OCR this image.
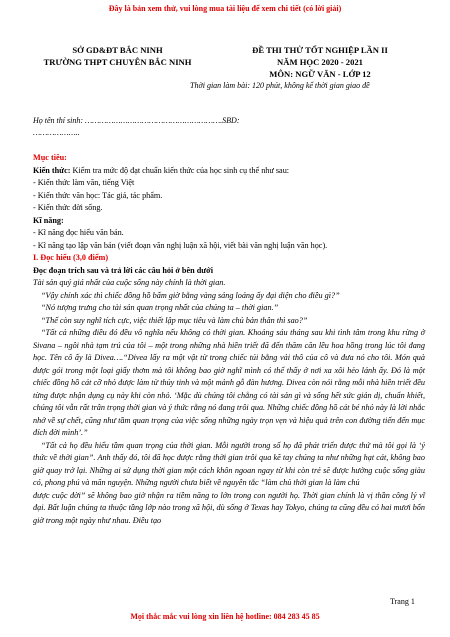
Đây là bản xem thử, vui lòng mua tài liệu để xem chi tiết (có lời giải)
SỞ GD&ĐT BẮC NINH
TRƯỜNG THPT CHUYÊN BẮC NINH
ĐỀ THI THỬ TỐT NGHIỆP LẦN II
NĂM HỌC 2020 - 2021
MÔN: NGỮ VĂN - LỚP 12
Thời gian làm bài: 120 phút, không kể thời gian giao đề
Họ tên thí sinh: ………………………………………………….SBD:
………………..

Mục tiêu:

Kiến thức: Kiểm tra mức độ đạt chuẩn kiến thức của học sinh cụ thể như sau:

- Kiến thức làm văn, tiếng Việt

- Kiến thức văn học: Tác giả, tác phẩm.

- Kiến thức đời sống.

Kĩ năng:

- Kĩ năng đọc hiểu văn bản.

- Kĩ năng tạo lập văn bản (viết đoạn văn nghị luận xã hội, viết bài văn nghị luận văn học).

I. Đọc hiểu (3,0 điểm)

Đọc đoạn trích sau và trả lời các câu hỏi ở bên dưới

Tài sản quý giá nhất của cuộc sống này chính là thời gian.

“Vậy chính xác thì chiếc đồng hồ bấm giờ bằng vàng sáng loáng ấy đại diện cho điều gì?”

“Nó tượng trưng cho tài sản quan trọng nhất của chúng ta – thời gian.”

“Thế còn suy nghĩ tích cực, việc thiết lập mục tiêu và làm chủ bản thân thì sao?”

“Tất cả những điều đó đều vô nghĩa nếu không có thời gian. Khoảng sáu tháng sau khi tình tâm trong khu rừng ở Sivana – ngôi nhà tạm trú của tôi – một trong những nhà hiền triết đã đến thăm căn lều hoa hồng trong lúc tôi đang học. Tên cô ấy là Divea….“Divea lấy ra một vật từ trong chiếc túi bằng vải thô của cô và đưa nó cho tôi. Món quà được gói trong một loại giấy thơm mà tôi không bao giờ nghĩ mình có thể thấy ở nơi xa xôi hẻo lánh ấy. Đó là một chiếc đồng hồ cát cỡ nhỏ được làm từ thủy tinh và một mảnh gỗ đàn hương. Divea còn nói rằng mỗi nhà hiền triết đều từng được nhận dụng cụ này khi còn nhỏ. ‘Mặc dù chúng tôi chẳng có tài sản gì và sống hết sức giản dị, chuẩn khiết, chúng tôi vẫn rất trân trọng thời gian và ý thức rằng nó đang trôi qua. Những chiếc đồng hồ cát bé nhỏ này là lời nhắc nhở về sự chết, cũng như tầm quan trọng của việc sống những ngày trọn vẹn và hiệu quả trên con đường tiến đến mục đích đời mình’.”

“Tất cả họ đều hiểu tầm quan trọng của thời gian. Mỗi người trong số họ đã phát triển được thứ mà tôi gọi là ‘ý thức về thời gian”. Anh thấy đó, tôi đã học được rằng thời gian trôi qua kẽ tay chúng ta như những hạt cát, không bao giờ quay trở lại. Những ai sử dụng thời gian một cách khôn ngoan ngay từ khi còn trẻ sẽ được hưởng cuộc sống giàu có, phong phú và mãn nguyện. Những người chưa biết về nguyên tắc “làm chủ thời gian là làm chủ

được cuộc đời” sẽ không bao giờ nhận ra tiềm năng to lớn trong con người họ. Thời gian chính là vị thần công lý vĩ đại. Bất luận chúng ta thuộc tầng lớp nào trong xã hội, dù sống ở Texas hay Tokyo, chúng ta cũng đều có hai mươi bốn giờ trong một ngày như nhau. Điều tạo

Trang 1
Mọi thắc mắc vui lòng xin liên hệ hotline: 084 283 45 85
